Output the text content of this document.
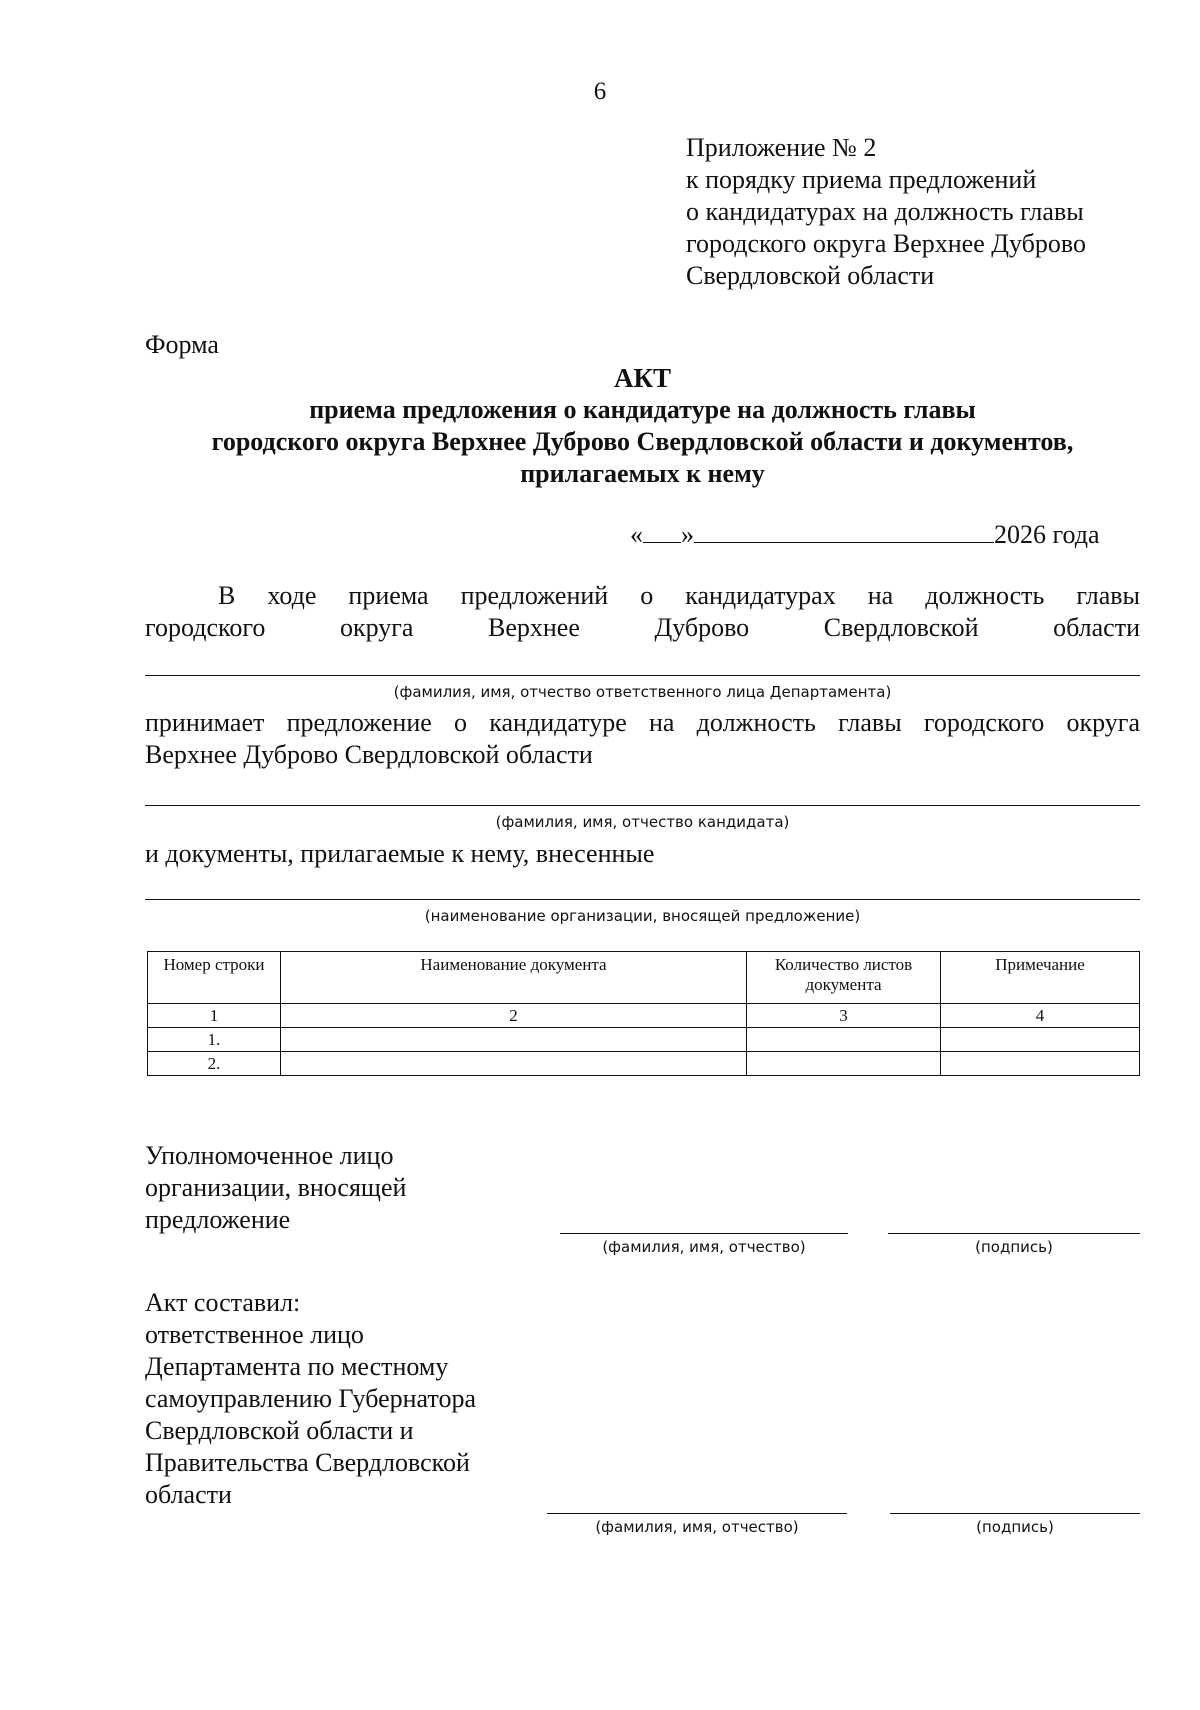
6
Приложение № 2
к порядку приема предложений
о кандидатурах на должность главы
городского округа Верхнее Дуброво
Свердловской области
Форма
АКТ
приема предложения о кандидатуре на должность главы
городского округа Верхнее Дуброво Свердловской области и документов,
прилагаемых к нему
« »	2026 года
В ходе приема предложений о кандидатурах на должность главы
городского округа Верхнее Дуброво Свердловской области
(фамилия, имя, отчество ответственного лица Департамента)
принимает предложение о кандидатуре на должность главы городского округа
Верхнее Дуброво Свердловской области
(фамилия, имя, отчество кандидата)
и документы, прилагаемые к нему, внесенные
(наименование организации, вносящей предложение)
Номер строки	Наименование документа	Количество листов документа	Примечание
1	2	3	4
1.			
2.			
Уполномоченное лицо
организации, вносящей
предложение
(фамилия, имя, отчество)	(подпись)
Акт составил:
ответственное лицо
Департамента по местному
самоуправлению Губернатора
Свердловской области и
Правительства Свердловской
области
(фамилия, имя, отчество)	(подпись)
